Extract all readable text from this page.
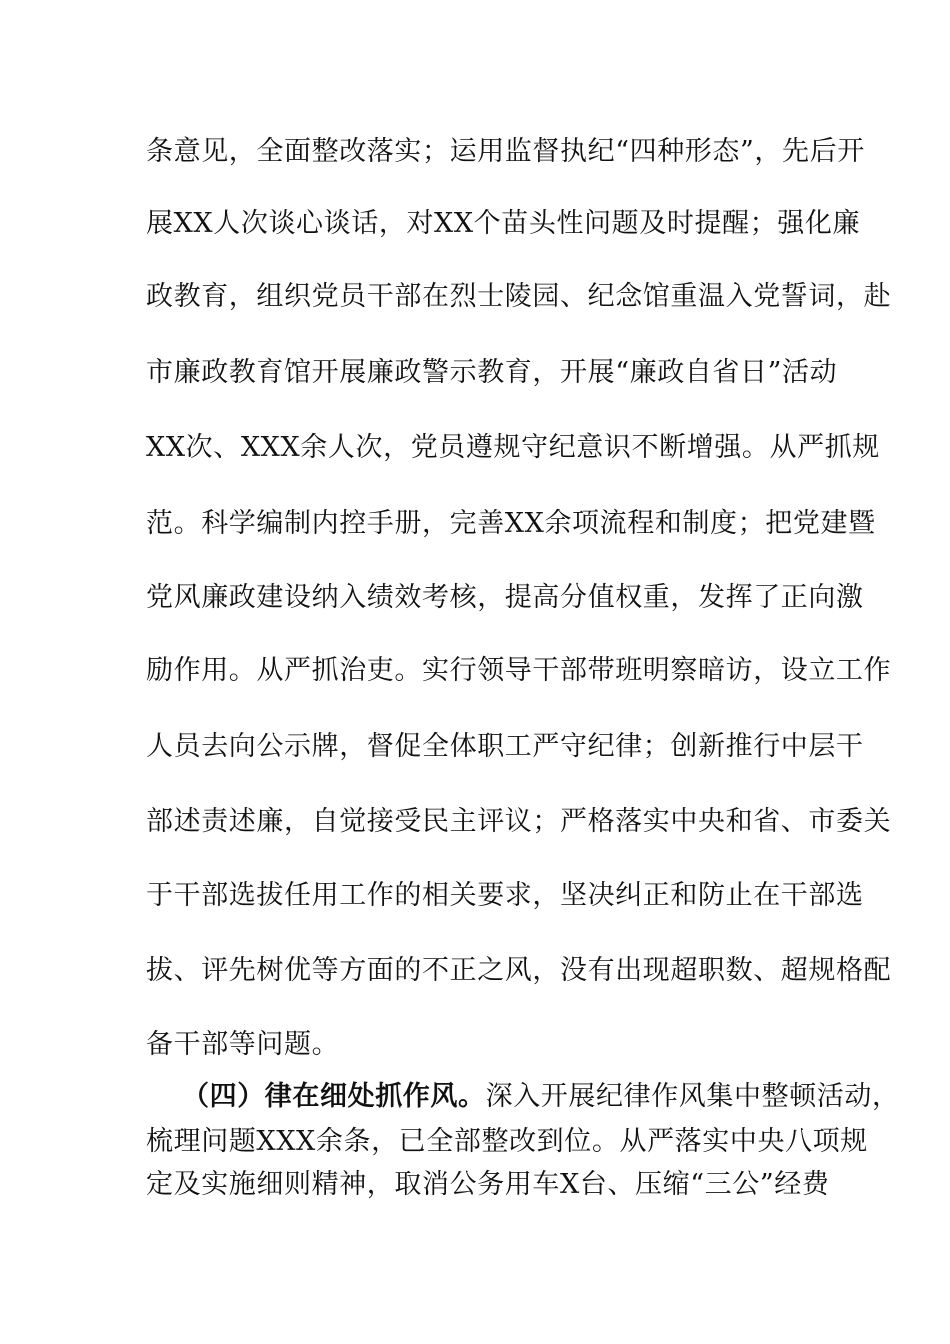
条意见，全面整改落实；运用监督执纪“四种形态”，先后开
展XX人次谈心谈话，对XX个苗头性问题及时提醒；强化廉
政教育，组织党员干部在烈士陵园、纪念馆重温入党誓词，赴
市廉政教育馆开展廉政警示教育，开展“廉政自省日”活动
XX次、XXX余人次，党员遵规守纪意识不断增强。从严抓规
范。科学编制内控手册，完善XX余项流程和制度；把党建暨
党风廉政建设纳入绩效考核，提高分值权重，发挥了正向激
励作用。从严抓治吏。实行领导干部带班明察暗访，设立工作
人员去向公示牌，督促全体职工严守纪律；创新推行中层干
部述责述廉，自觉接受民主评议；严格落实中央和省、市委关
于干部选拔任用工作的相关要求，坚决纠正和防止在干部选
拔、评先树优等方面的不正之风，没有出现超职数、超规格配
备干部等问题。
（四）律在细处抓作风。深入开展纪律作风集中整顿活动，
梳理问题XXX余条，已全部整改到位。从严落实中央八项规
定及实施细则精神，取消公务用车X台、压缩“三公”经费
